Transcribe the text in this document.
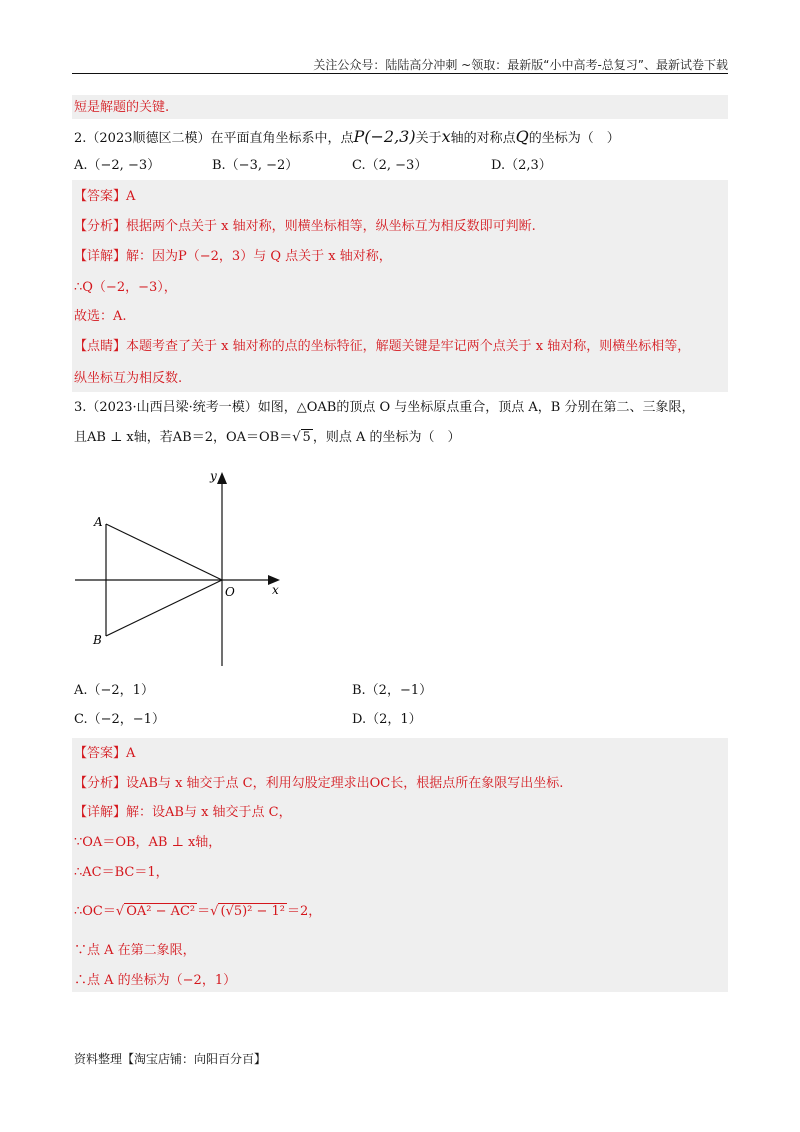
关注公众号：陆陆高分冲刺 ~领取：最新版“小中高考-总复习”、最新试卷下载
短是解题的关键.
2.（2023顺德区二模）在平面直角坐标系中，点P(−2,3)关于x轴的对称点Q的坐标为（　）
A.（−2, −3）	B.（−3, −2）	C.（2, −3）	D.（2,3）
【答案】A
【分析】根据两个点关于 x 轴对称，则横坐标相等，纵坐标互为相反数即可判断.
【详解】解：因为P（−2，3）与 Q 点关于 x 轴对称，
∴Q（−2，−3），
故选：A.
【点睛】本题考查了关于 x 轴对称的点的坐标特征，解题关键是牢记两个点关于 x 轴对称，则横坐标相等，
纵坐标互为相反数.
3.（2023·山西吕梁·统考一模）如图，△OAB的顶点 O 与坐标原点重合，顶点 A，B 分别在第二、三象限，
且AB ⊥ x轴，若AB＝2，OA＝OB＝√ 5 ，则点 A 的坐标为（　）
y
x
O
A
B
A.（−2，1）	B.（2，−1）
C.（−2，−1）	D.（2，1）
【答案】A
【分析】设AB与 x 轴交于点 C，利用勾股定理求出OC长，根据点所在象限写出坐标.
【详解】解：设AB与 x 轴交于点 C，
∵OA＝OB，AB ⊥ x轴，
∴AC＝BC＝1，
∴OC＝√ OA² − AC² ＝√ (√5)² − 1² ＝2，
∵点 A 在第二象限，
∴点 A 的坐标为（−2，1）
资料整理【淘宝店铺：向阳百分百】
